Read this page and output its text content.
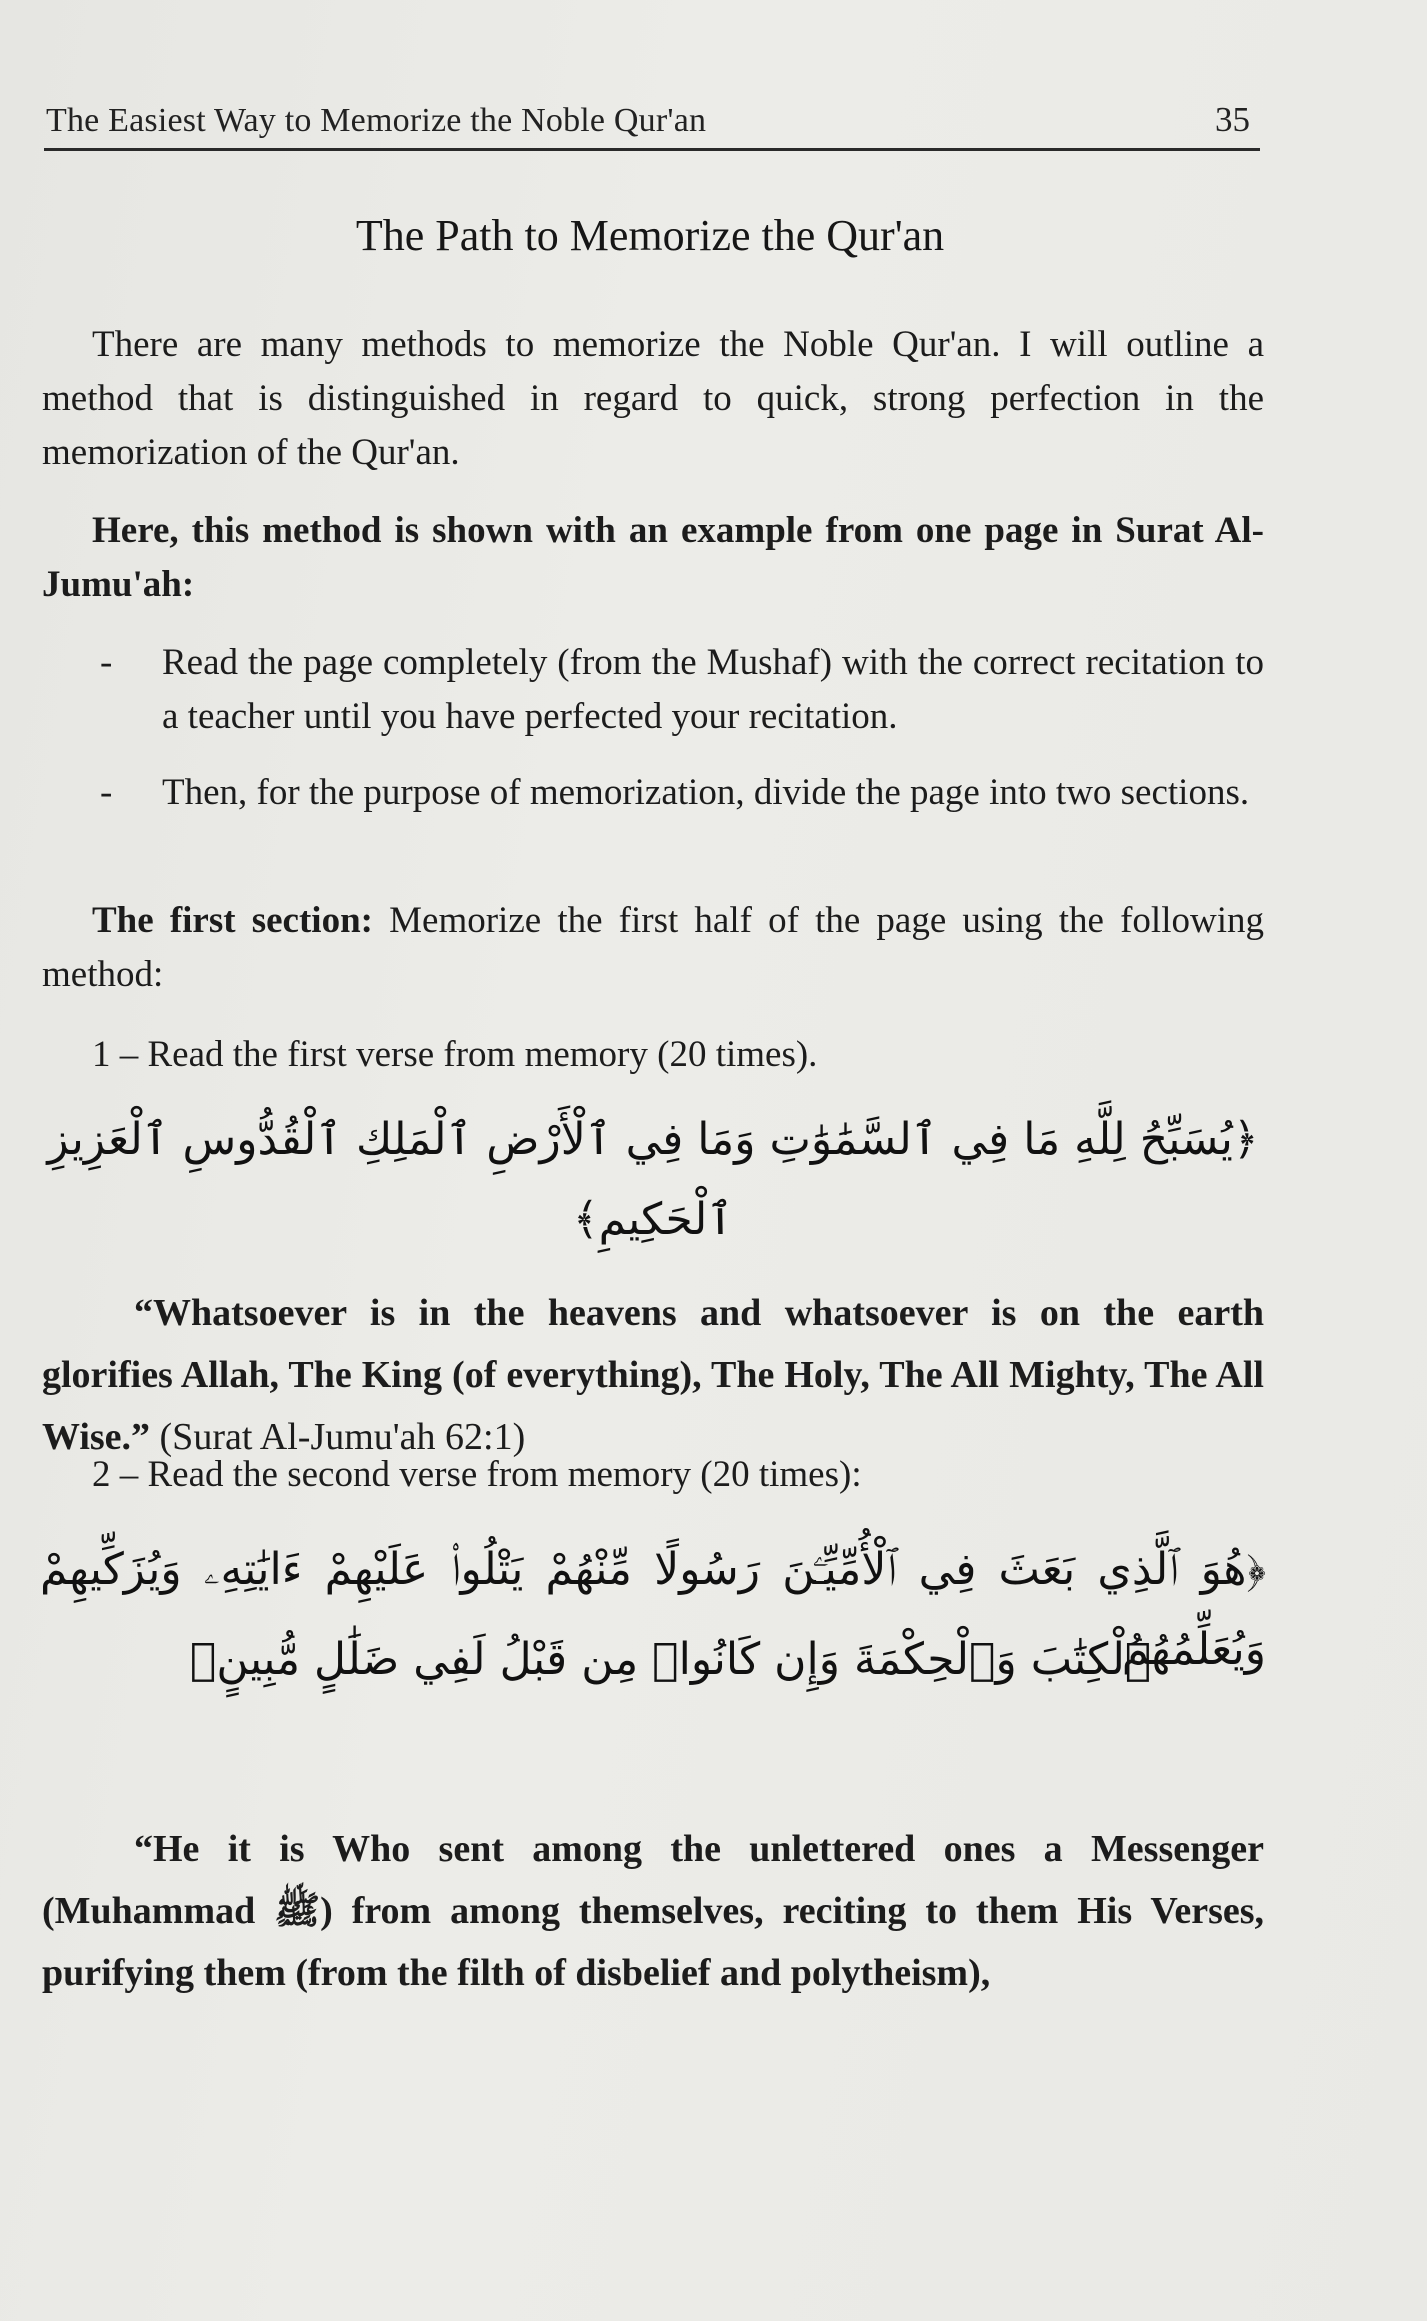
The Easiest Way to Memorize the Noble Qur'an	35
The Path to Memorize the Qur'an

There are many methods to memorize the Noble Qur'an. I will outline a method that is distinguished in regard to quick, strong perfection in the memorization of the Qur'an.

Here, this method is shown with an example from one page in Surat Al-Jumu'ah:

- Read the page completely (from the Mushaf) with the correct recitation to a teacher until you have perfected your recitation.
- Then, for the purpose of memorization, divide the page into two sections.

The first section: Memorize the first half of the page using the following method:

1 – Read the first verse from memory (20 times).
﴿يُسَبِّحُ لِلَّهِ مَا فِي ٱلسَّمَٰوَٰتِ وَمَا فِي ٱلْأَرْضِ ٱلْمَلِكِ ٱلْقُدُّوسِ ٱلْعَزِيزِ ٱلْحَكِيمِ﴾

“Whatsoever is in the heavens and whatsoever is on the earth glorifies Allah, The King (of everything), The Holy, The All Mighty, The All Wise.” (Surat Al-Jumu'ah 62:1)

2 – Read the second verse from memory (20 times):
﴿هُوَ ٱلَّذِي بَعَثَ فِي ٱلْأُمِّيِّـۧنَ رَسُولًا مِّنْهُمْ يَتْلُوا۟ عَلَيْهِمْ ءَايَٰتِهِۦ وَيُزَكِّيهِمْ وَيُعَلِّمُهُمُ
ٱلْكِتَٰبَ وَٱلْحِكْمَةَ وَإِن كَانُوا۟ مِن قَبْلُ لَفِي ضَلَٰلٍ مُّبِينٍ﴾

“He it is Who sent among the unlettered ones a Messenger (Muhammad ﷺ) from among themselves, reciting to them His Verses, purifying them (from the filth of disbelief and polytheism),
